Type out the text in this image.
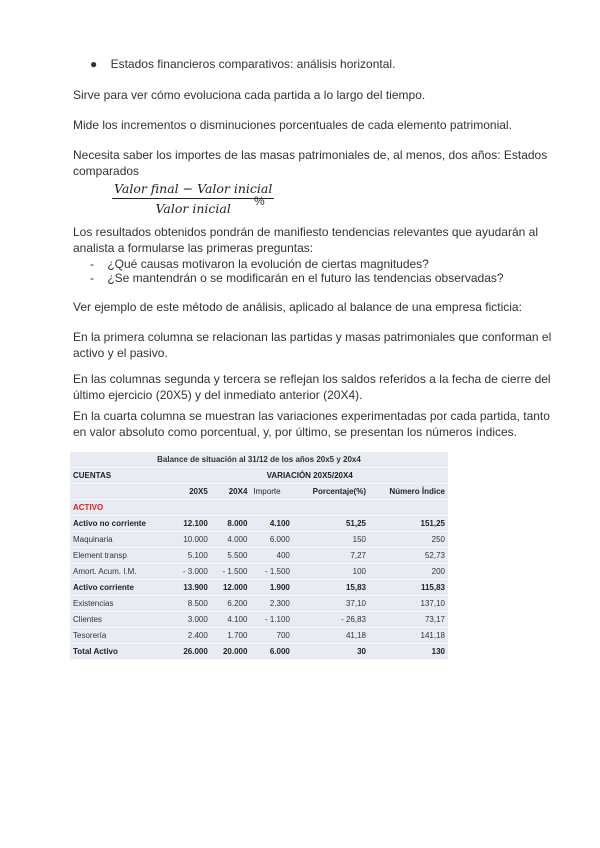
●    Estados financieros comparativos: análisis horizontal.
Sirve para ver cómo evoluciona cada partida a lo largo del tiempo.
Mide los incrementos o disminuciones porcentuales de cada elemento patrimonial.
Necesita saber los importes de las masas patrimoniales de, al menos, dos años: Estados comparados
Valor final − Valor inicial
Valor inicial	%
Los resultados obtenidos pondrán de manifiesto tendencias relevantes que ayudarán al analista a formularse las primeras preguntas:
-    ¿Qué causas motivaron la evolución de ciertas magnitudes?
-    ¿Se mantendrán o se modificarán en el futuro las tendencias observadas?
Ver ejemplo de este método de análisis, aplicado al balance de una empresa ficticia:
En la primera columna se relacionan las partidas y masas patrimoniales que conforman el activo y el pasivo.
En las columnas segunda y tercera se reflejan los saldos referidos a la fecha de cierre del último ejercicio (20X5) y del inmediato anterior (20X4).
En la cuarta columna se muestran las variaciones experimentadas por cada partida, tanto en valor absoluto como porcentual, y, por último, se presentan los números índices.
Balance de situación al 31/12 de los años 20x5 y 20x4					
CUENTAS			VARIACIÓN 20X5/20X4		
	20X5	20X4	Importe	Porcentaje(%)	Número Índice
ACTIVO					
Activo no corriente	12.100	8.000	4.100	51,25	151,25
Maquinaria	10.000	4.000	6.000	150	250
Element transp	5.100	5.500	400	7,27	52,73
Amort. Acum. I.M.	- 3.000	- 1.500	- 1.500	100	200
Activo corriente	13.900	12.000	1.900	15,83	115,83
Existencias	8.500	6.200	2.300	37,10	137,10
Clientes	3.000	4.100	- 1.100	- 26,83	73,17
Tesorería	2.400	1.700	700	41,18	141,18
Total Activo	26.000	20.000	6.000	30	130
